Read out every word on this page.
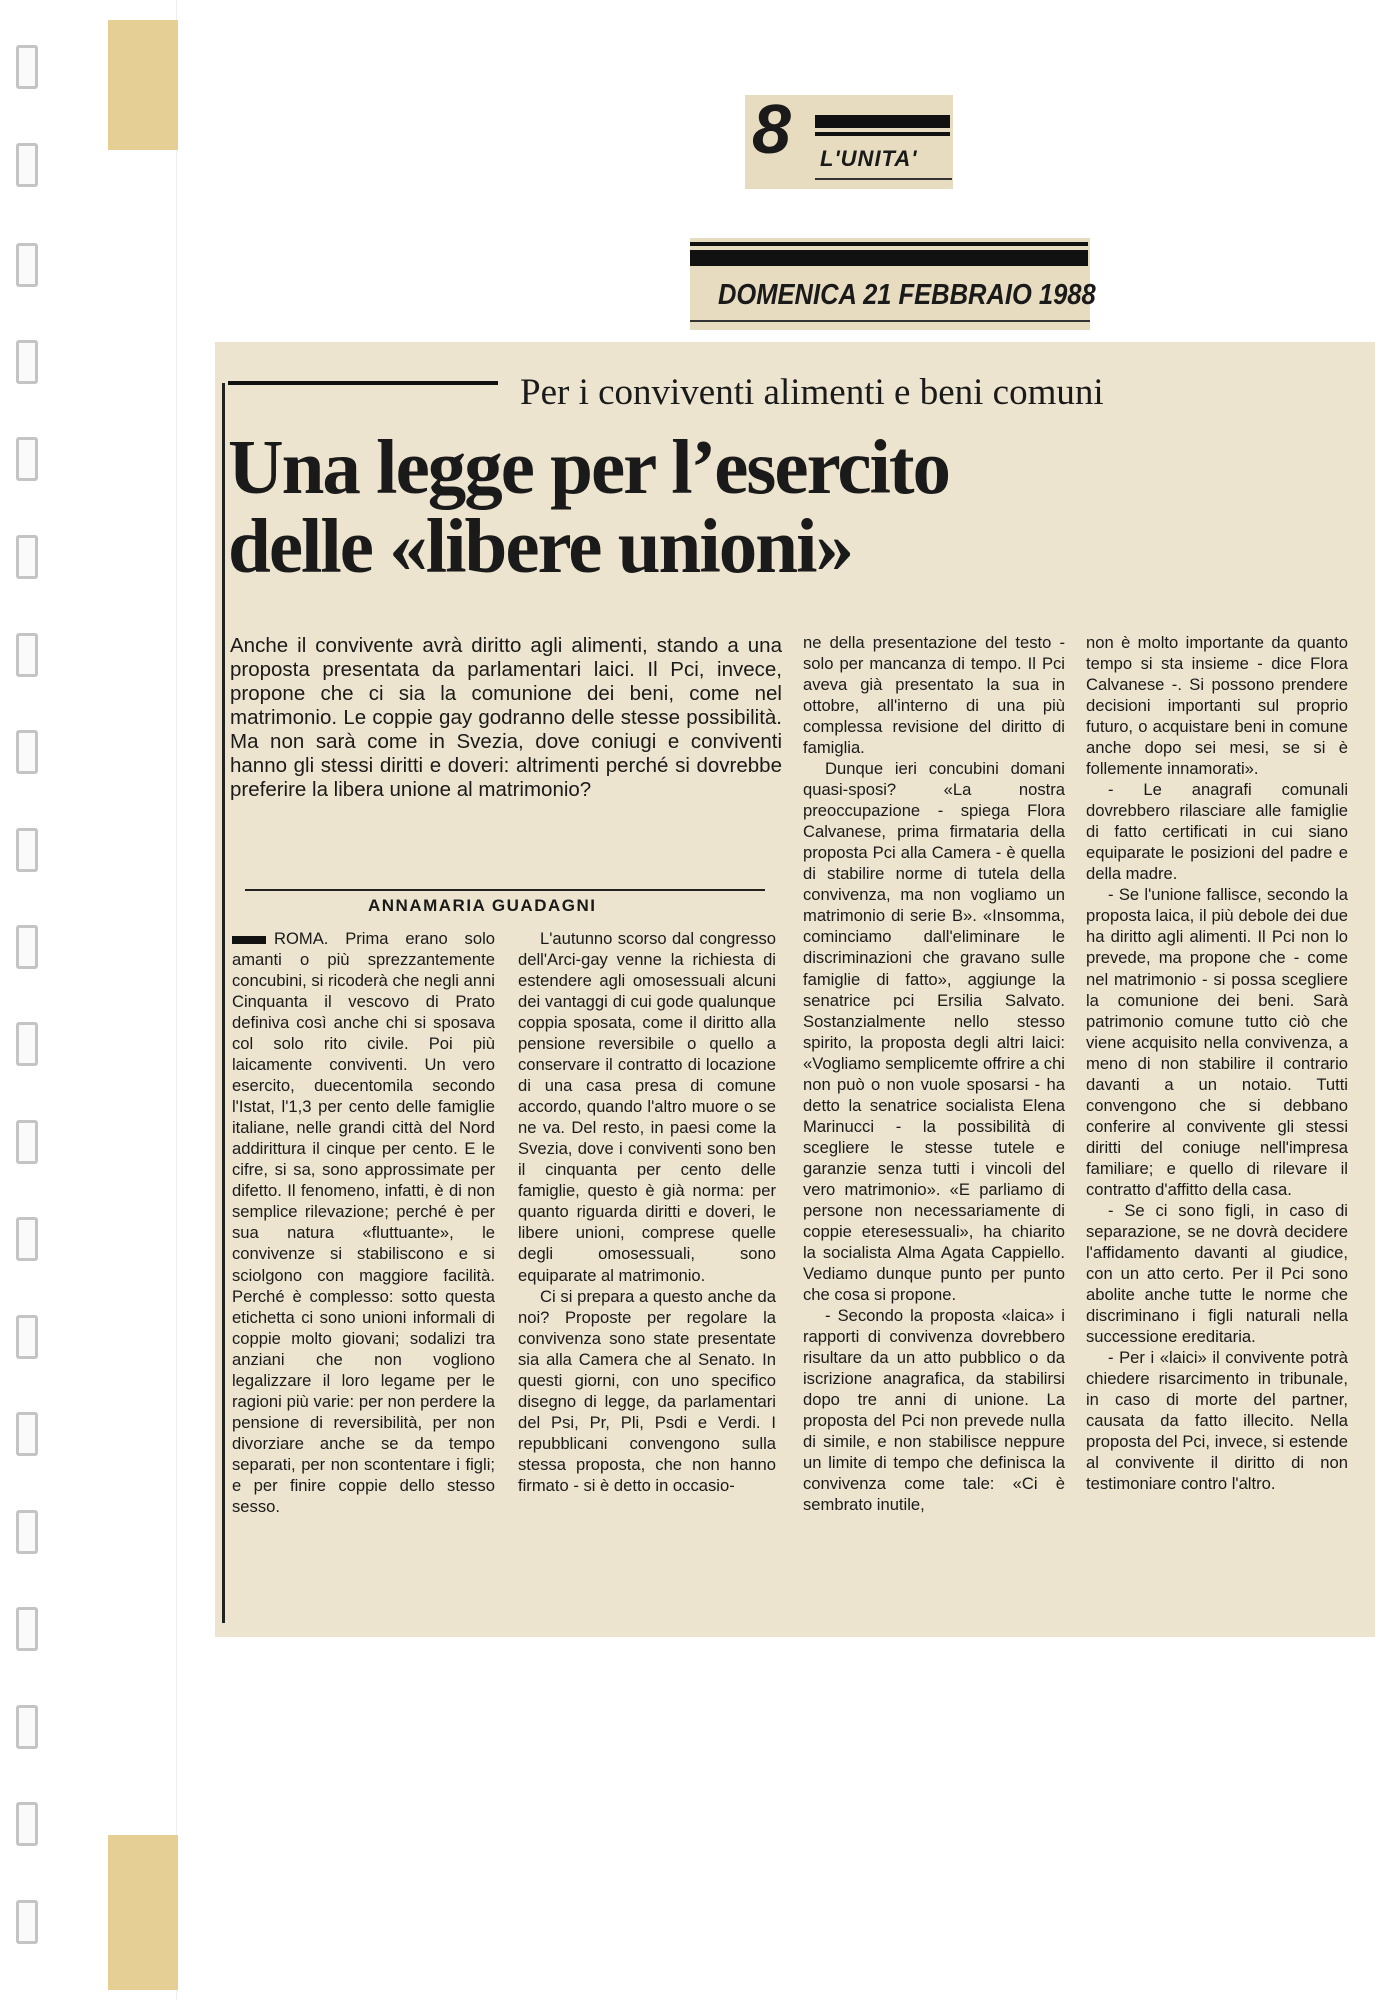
8 L'UNITA'
DOMENICA 21 FEBBRAIO 1988
Per i conviventi alimenti e beni comuni
Una legge per l’esercito
delle «libere unioni»

Anche il convivente avrà diritto agli alimenti, stando a una proposta presentata da parlamentari laici. Il Pci, invece, propone che ci sia la comunione dei beni, come nel matrimonio. Le coppie gay godranno delle stesse possibilità. Ma non sarà come in Svezia, dove coniugi e conviventi hanno gli stessi diritti e doveri: altrimenti perché si dovrebbe preferire la libera unione al matrimonio?

ANNAMARIA GUADAGNI

ROMA. Prima erano solo amanti o più sprezzantemente concubini, si ricoderà che negli anni Cinquanta il vescovo di Prato definiva così anche chi si sposava col solo rito civile. Poi più laicamente conviventi. Un vero esercito, duecentomila secondo l'Istat, l'1,3 per cento delle famiglie italiane, nelle grandi città del Nord addirittura il cinque per cento. E le cifre, si sa, sono approssimate per difetto. Il fenomeno, infatti, è di non semplice rilevazione; perché è per sua natura «fluttuante», le convivenze si stabiliscono e si sciolgono con maggiore facilità. Perché è complesso: sotto questa etichetta ci sono unioni informali di coppie molto giovani; sodalizi tra anziani che non vogliono legalizzare il loro legame per le ragioni più varie: per non perdere la pensione di reversibilità, per non divorziare anche se da tempo separati, per non scontentare i figli; e per finire coppie dello stesso sesso.

L'autunno scorso dal congresso dell'Arci-gay venne la richiesta di estendere agli omosessuali alcuni dei vantaggi di cui gode qualunque coppia sposata, come il diritto alla pensione reversibile o quello a conservare il contratto di locazione di una casa presa di comune accordo, quando l'altro muore o se ne va. Del resto, in paesi come la Svezia, dove i conviventi sono ben il cinquanta per cento delle famiglie, questo è già norma: per quanto riguarda diritti e doveri, le libere unioni, comprese quelle degli omosessuali, sono equiparate al matrimonio.

Ci si prepara a questo anche da noi? Proposte per regolare la convivenza sono state presentate sia alla Camera che al Senato. In questi giorni, con uno specifico disegno di legge, da parlamentari del Psi, Pr, Pli, Psdi e Verdi. I repubblicani convengono sulla stessa proposta, che non hanno firmato - si è detto in occasio-

ne della presentazione del testo - solo per mancanza di tempo. Il Pci aveva già presentato la sua in ottobre, all'interno di una più complessa revisione del diritto di famiglia.

Dunque ieri concubini domani quasi-sposi? «La nostra preoccupazione - spiega Flora Calvanese, prima firmataria della proposta Pci alla Camera - è quella di stabilire norme di tutela della convivenza, ma non vogliamo un matrimonio di serie B». «Insomma, cominciamo dall'eliminare le discriminazioni che gravano sulle famiglie di fatto», aggiunge la senatrice pci Ersilia Salvato. Sostanzialmente nello stesso spirito, la proposta degli altri laici: «Vogliamo semplicemte offrire a chi non può o non vuole sposarsi - ha detto la senatrice socialista Elena Marinucci - la possibilità di scegliere le stesse tutele e garanzie senza tutti i vincoli del vero matrimonio». «E parliamo di persone non necessariamente di coppie eteresessuali», ha chiarito la socialista Alma Agata Cappiello. Vediamo dunque punto per punto che cosa si propone.

- Secondo la proposta «laica» i rapporti di convivenza dovrebbero risultare da un atto pubblico o da iscrizione anagrafica, da stabilirsi dopo tre anni di unione. La proposta del Pci non prevede nulla di simile, e non stabilisce neppure un limite di tempo che definisca la convivenza come tale: «Ci è sembrato inutile,

non è molto importante da quanto tempo si sta insieme - dice Flora Calvanese -. Si possono prendere decisioni importanti sul proprio futuro, o acquistare beni in comune anche dopo sei mesi, se si è follemente innamorati».

- Le anagrafi comunali dovrebbero rilasciare alle famiglie di fatto certificati in cui siano equiparate le posizioni del padre e della madre.

- Se l'unione fallisce, secondo la proposta laica, il più debole dei due ha diritto agli alimenti. Il Pci non lo prevede, ma propone che - come nel matrimonio - si possa scegliere la comunione dei beni. Sarà patrimonio comune tutto ciò che viene acquisito nella convivenza, a meno di non stabilire il contrario davanti a un notaio. Tutti convengono che si debbano conferire al convivente gli stessi diritti del coniuge nell'impresa familiare; e quello di rilevare il contratto d'affitto della casa.

- Se ci sono figli, in caso di separazione, se ne dovrà decidere l'affidamento davanti al giudice, con un atto certo. Per il Pci sono abolite anche tutte le norme che discriminano i figli naturali nella successione ereditaria.

- Per i «laici» il convivente potrà chiedere risarcimento in tribunale, in caso di morte del partner, causata da fatto illecito. Nella proposta del Pci, invece, si estende al convivente il diritto di non testimoniare contro l'altro.
